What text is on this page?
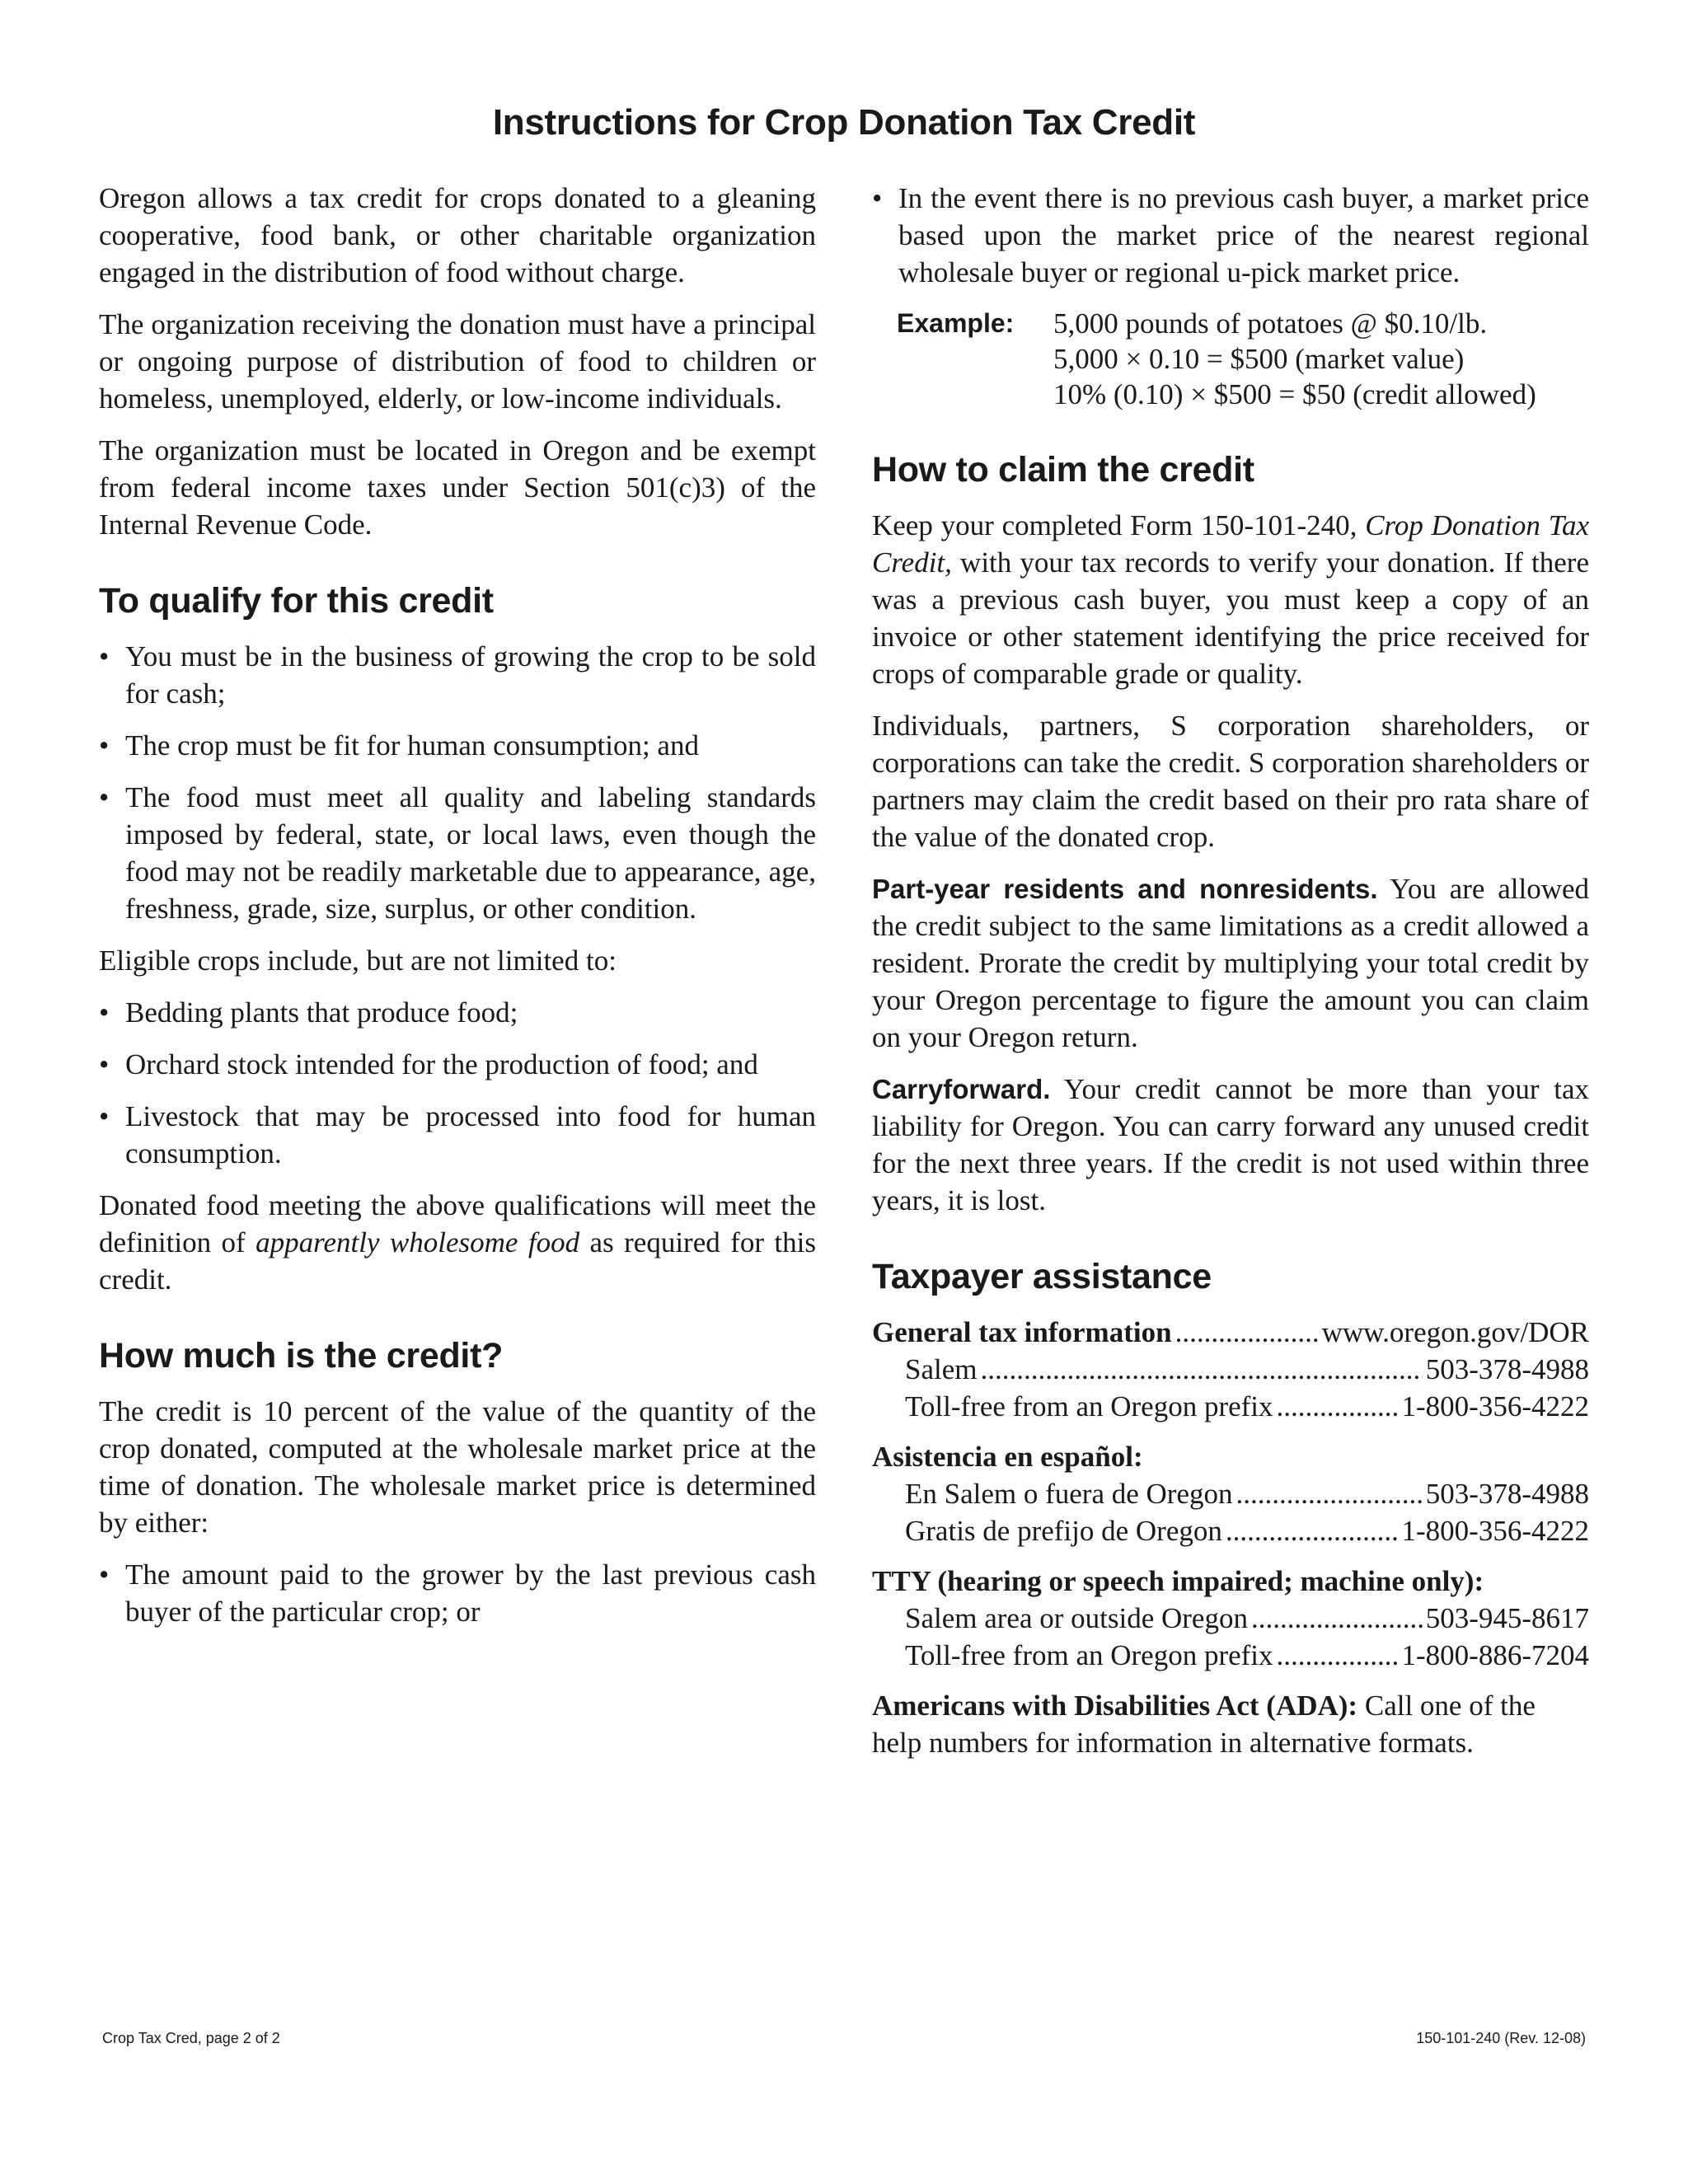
Instructions for Crop Donation Tax Credit

Oregon allows a tax credit for crops donated to a gleaning cooperative, food bank, or other charitable organization engaged in the distribution of food without charge.

The organization receiving the donation must have a principal or ongoing purpose of distribution of food to children or homeless, unemployed, elderly, or low-income individuals.

The organization must be located in Oregon and be exempt from federal income taxes under Section 501(c)3) of the Internal Revenue Code.

To qualify for this credit
• You must be in the business of growing the crop to be sold for cash;
• The crop must be fit for human consumption; and
• The food must meet all quality and labeling standards imposed by federal, state, or local laws, even though the food may not be readily marketable due to appearance, age, freshness, grade, size, surplus, or other condition.

Eligible crops include, but are not limited to:

• Bedding plants that produce food;
• Orchard stock intended for the production of food; and
• Livestock that may be processed into food for human consumption.

Donated food meeting the above qualifications will meet the definition of apparently wholesome food as required for this credit.

How much is the credit?

The credit is 10 percent of the value of the quantity of the crop donated, computed at the wholesale market price at the time of donation. The wholesale market price is determined by either:

• The amount paid to the grower by the last previous cash buyer of the particular crop; or
• In the event there is no previous cash buyer, a market price based upon the market price of the nearest regional wholesale buyer or regional u-pick market price.
Example:	5,000 pounds of potatoes @ $0.10/lb.
5,000 × 0.10 = $500 (market value)
10% (0.10) × $500 = $50 (credit allowed)
How to claim the credit

Keep your completed Form 150-101-240, Crop Donation Tax Credit, with your tax records to verify your donation. If there was a previous cash buyer, you must keep a copy of an invoice or other statement identifying the price received for crops of comparable grade or quality.

Individuals, partners, S corporation shareholders, or corporations can take the credit. S corporation shareholders or partners may claim the credit based on their pro rata share of the value of the donated crop.

Part-year residents and nonresidents. You are allowed the credit subject to the same limitations as a credit allowed a resident. Prorate the credit by multiplying your total credit by your Oregon percentage to figure the amount you can claim on your Oregon return.

Carryforward. Your credit cannot be more than your tax liability for Oregon. You can carry forward any unused credit for the next three years. If the credit is not used within three years, it is lost.

Taxpayer assistance
General tax information .....	www.oregon.gov/DOR
Salem .....	503-378-4988
Toll-free from an Oregon prefix .....	1-800-356-4222
Asistencia en español:
En Salem o fuera de Oregon .....	503-378-4988
Gratis de prefijo de Oregon .....	1-800-356-4222
TTY (hearing or speech impaired; machine only):
Salem area or outside Oregon .....	503-945-8617
Toll-free from an Oregon prefix .....	1-800-886-7204

Americans with Disabilities Act (ADA): Call one of the help numbers for information in alternative formats.

Crop Tax Cred, page 2 of 2	150-101-240 (Rev. 12-08)
